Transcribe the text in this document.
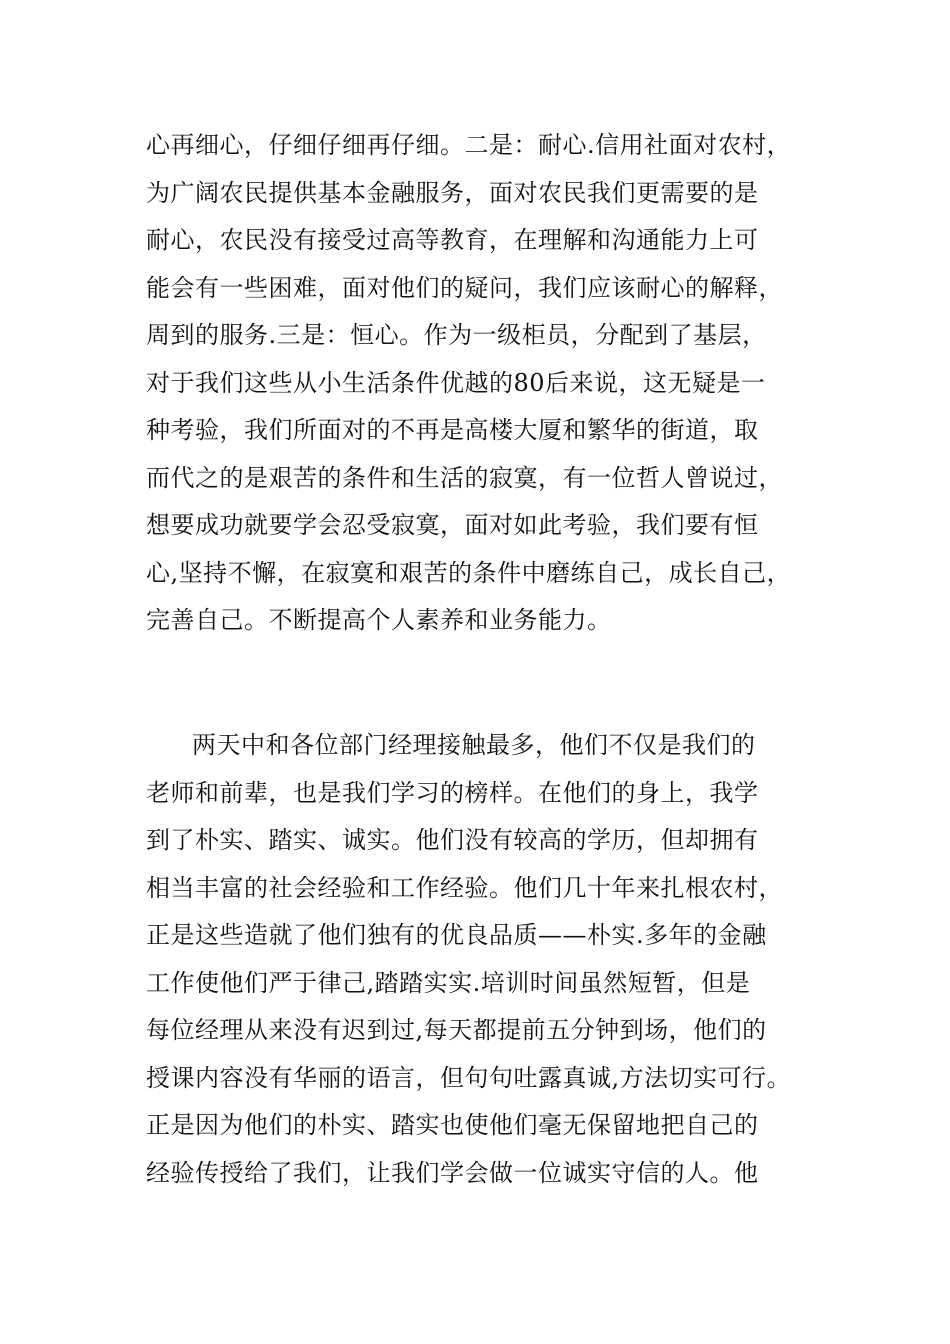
心再细心，仔细仔细再仔细。二是：耐心.信用社面对农村，
为广阔农民提供基本金融服务，面对农民我们更需要的是
耐心，农民没有接受过高等教育，在理解和沟通能力上可
能会有一些困难，面对他们的疑问，我们应该耐心的解释，
周到的服务.三是：恒心。作为一级柜员，分配到了基层，
对于我们这些从小生活条件优越的80后来说，这无疑是一
种考验，我们所面对的不再是高楼大厦和繁华的街道，取
而代之的是艰苦的条件和生活的寂寞，有一位哲人曾说过，
想要成功就要学会忍受寂寞，面对如此考验，我们要有恒
心,坚持不懈，在寂寞和艰苦的条件中磨练自己，成长自己，
完善自己。不断提高个人素养和业务能力。
两天中和各位部门经理接触最多，他们不仅是我们的
老师和前辈，也是我们学习的榜样。在他们的身上，我学
到了朴实、踏实、诚实。他们没有较高的学历，但却拥有
相当丰富的社会经验和工作经验。他们几十年来扎根农村，
正是这些造就了他们独有的优良品质——朴实.多年的金融
工作使他们严于律己,踏踏实实.培训时间虽然短暂，但是
每位经理从来没有迟到过,每天都提前五分钟到场，他们的
授课内容没有华丽的语言，但句句吐露真诚,方法切实可行。
正是因为他们的朴实、踏实也使他们毫无保留地把自己的
经验传授给了我们，让我们学会做一位诚实守信的人。他
